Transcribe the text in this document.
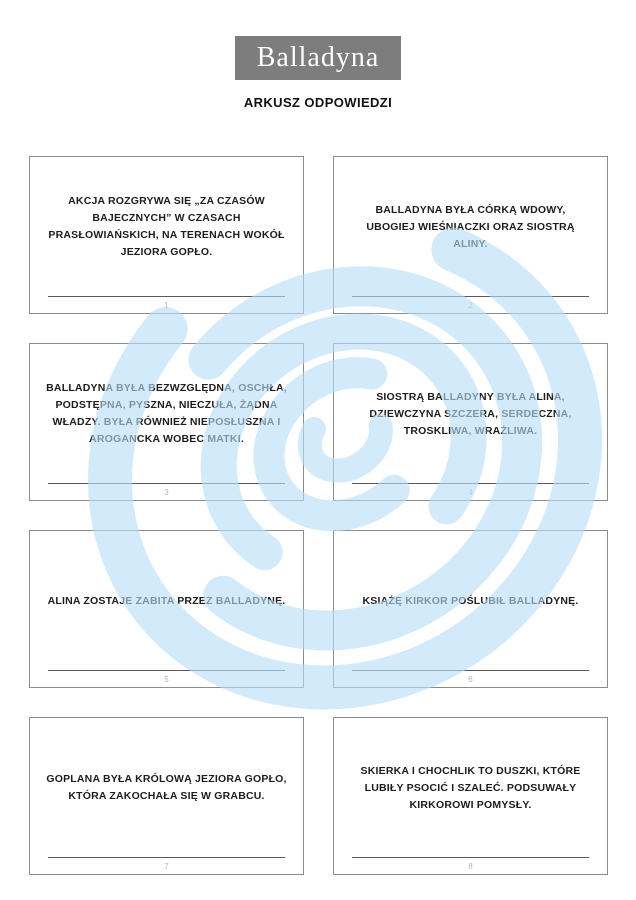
Balladyna
ARKUSZ ODPOWIEDZI

AKCJA ROZGRYWA SIĘ „ZA CZASÓW BAJECZNYCH” W CZASACH PRASŁOWIAŃSKICH, NA TERENACH WOKÓŁ JEZIORA GOPŁO.

1

BALLADYNA BYŁA CÓRKĄ WDOWY, UBOGIEJ WIEŚNIACZKI ORAZ SIOSTRĄ ALINY.

2

BALLADYNA BYŁA BEZWZGLĘDNA, OSCHŁA, PODSTĘPNA, PYSZNA, NIECZUŁA, ŻĄDNA WŁADZY. BYŁA RÓWNIEŻ NIEPOSŁUSZNA I AROGANCKA WOBEC MATKI.

3

SIOSTRĄ BALLADYNY BYŁA ALINA, DZIEWCZYNA SZCZERA, SERDECZNA, TROSKLIWA, WRAŻLIWA.

4

ALINA ZOSTAJE ZABITA PRZEZ BALLADYNĘ.

5

KSIĄŻĘ KIRKOR POŚLUBIŁ BALLADYNĘ.

6

GOPLANA BYŁA KRÓLOWĄ JEZIORA GOPŁO, KTÓRA ZAKOCHAŁA SIĘ W GRABCU.

7

SKIERKA I CHOCHLIK TO DUSZKI, KTÓRE LUBIŁY PSOCIĆ I SZALEĆ. PODSUWAŁY KIRKOROWI POMYSŁY.

8
